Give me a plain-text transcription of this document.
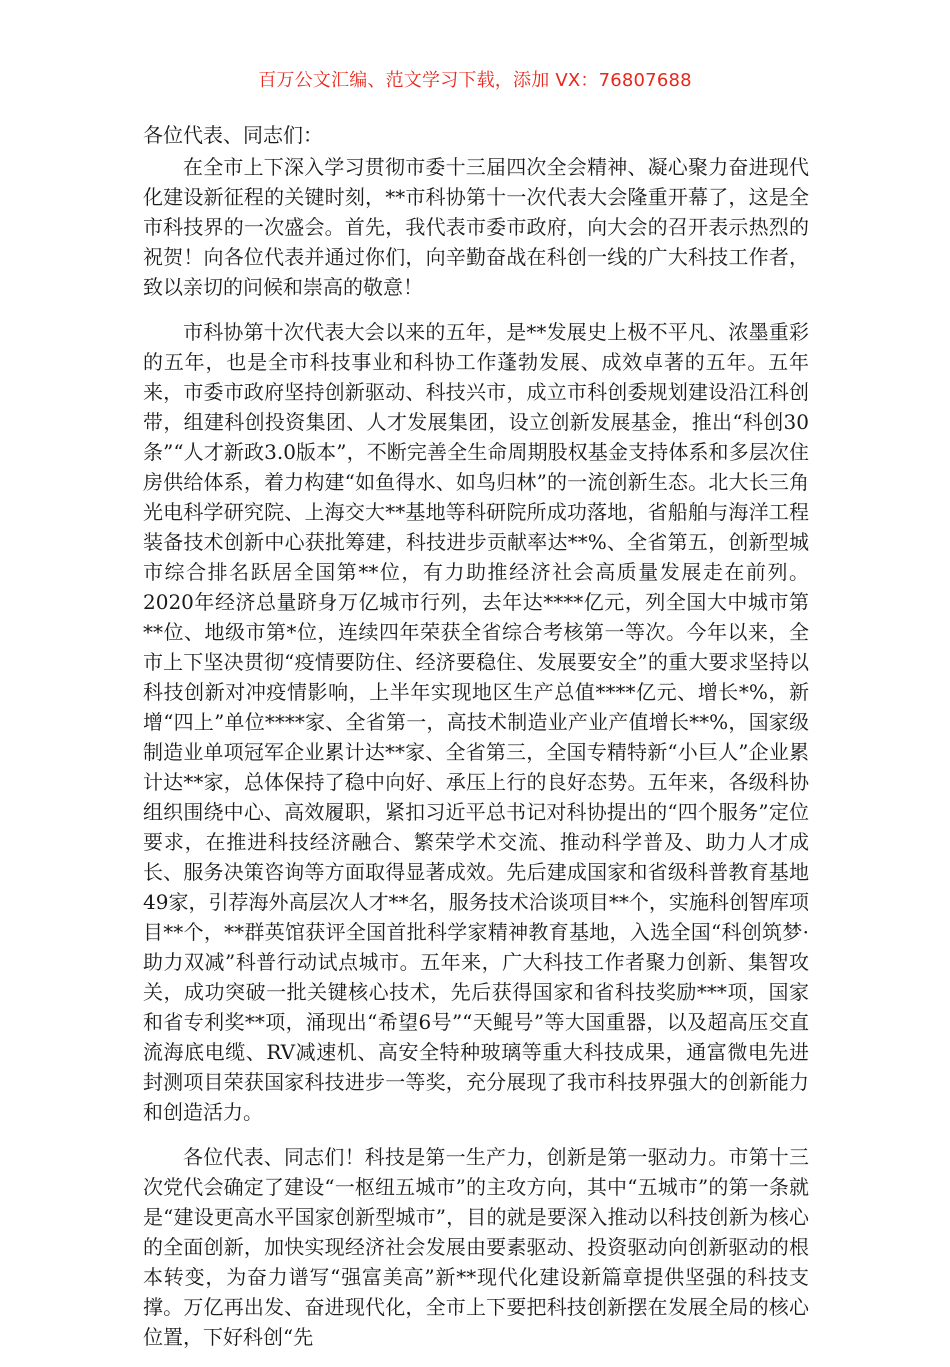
百万公文汇编、范文学习下载，添加 VX：76807688

各位代表、同志们：

在全市上下深入学习贯彻市委十三届四次全会精神、凝心聚力奋进现代化建设新征程的关键时刻，**市科协第十一次代表大会隆重开幕了，这是全市科技界的一次盛会。首先，我代表市委市政府，向大会的召开表示热烈的祝贺！向各位代表并通过你们，向辛勤奋战在科创一线的广大科技工作者，致以亲切的问候和崇高的敬意！

市科协第十次代表大会以来的五年，是**发展史上极不平凡、浓墨重彩的五年，也是全市科技事业和科协工作蓬勃发展、成效卓著的五年。五年来，市委市政府坚持创新驱动、科技兴市，成立市科创委规划建设沿江科创带，组建科创投资集团、人才发展集团，设立创新发展基金，推出“科创30条”“人才新政3.0版本”，不断完善全生命周期股权基金支持体系和多层次住房供给体系，着力构建“如鱼得水、如鸟归林”的一流创新生态。北大长三角光电科学研究院、上海交大**基地等科研院所成功落地，省船舶与海洋工程装备技术创新中心获批筹建，科技进步贡献率达**%、全省第五，创新型城市综合排名跃居全国第**位，有力助推经济社会高质量发展走在前列。2020年经济总量跻身万亿城市行列，去年达****亿元，列全国大中城市第**位、地级市第*位，连续四年荣获全省综合考核第一等次。今年以来，全市上下坚决贯彻“疫情要防住、经济要稳住、发展要安全”的重大要求坚持以科技创新对冲疫情影响，上半年实现地区生产总值****亿元、增长*%，新增“四上”单位****家、全省第一，高技术制造业产业产值增长**%，国家级制造业单项冠军企业累计达**家、全省第三，全国专精特新“小巨人”企业累计达**家，总体保持了稳中向好、承压上行的良好态势。五年来，各级科协组织围绕中心、高效履职，紧扣习近平总书记对科协提出的“四个服务”定位要求，在推进科技经济融合、繁荣学术交流、推动科学普及、助力人才成长、服务决策咨询等方面取得显著成效。先后建成国家和省级科普教育基地49家，引荐海外高层次人才**名，服务技术洽谈项目**个，实施科创智库项目**个，**群英馆获评全国首批科学家精神教育基地，入选全国“科创筑梦·助力双减”科普行动试点城市。五年来，广大科技工作者聚力创新、集智攻关，成功突破一批关键核心技术，先后获得国家和省科技奖励***项，国家和省专利奖**项，涌现出“希望6号”“天鲲号”等大国重器，以及超高压交直流海底电缆、RV减速机、高安全特种玻璃等重大科技成果，通富微电先进封测项目荣获国家科技进步一等奖，充分展现了我市科技界强大的创新能力和创造活力。

各位代表、同志们！科技是第一生产力，创新是第一驱动力。市第十三次党代会确定了建设“一枢纽五城市”的主攻方向，其中“五城市”的第一条就是“建设更高水平国家创新型城市”，目的就是要深入推动以科技创新为核心的全面创新，加快实现经济社会发展由要素驱动、投资驱动向创新驱动的根本转变，为奋力谱写“强富美高”新**现代化建设新篇章提供坚强的科技支撑。万亿再出发、奋进现代化，全市上下要把科技创新摆在发展全局的核心位置，下好科创“先
